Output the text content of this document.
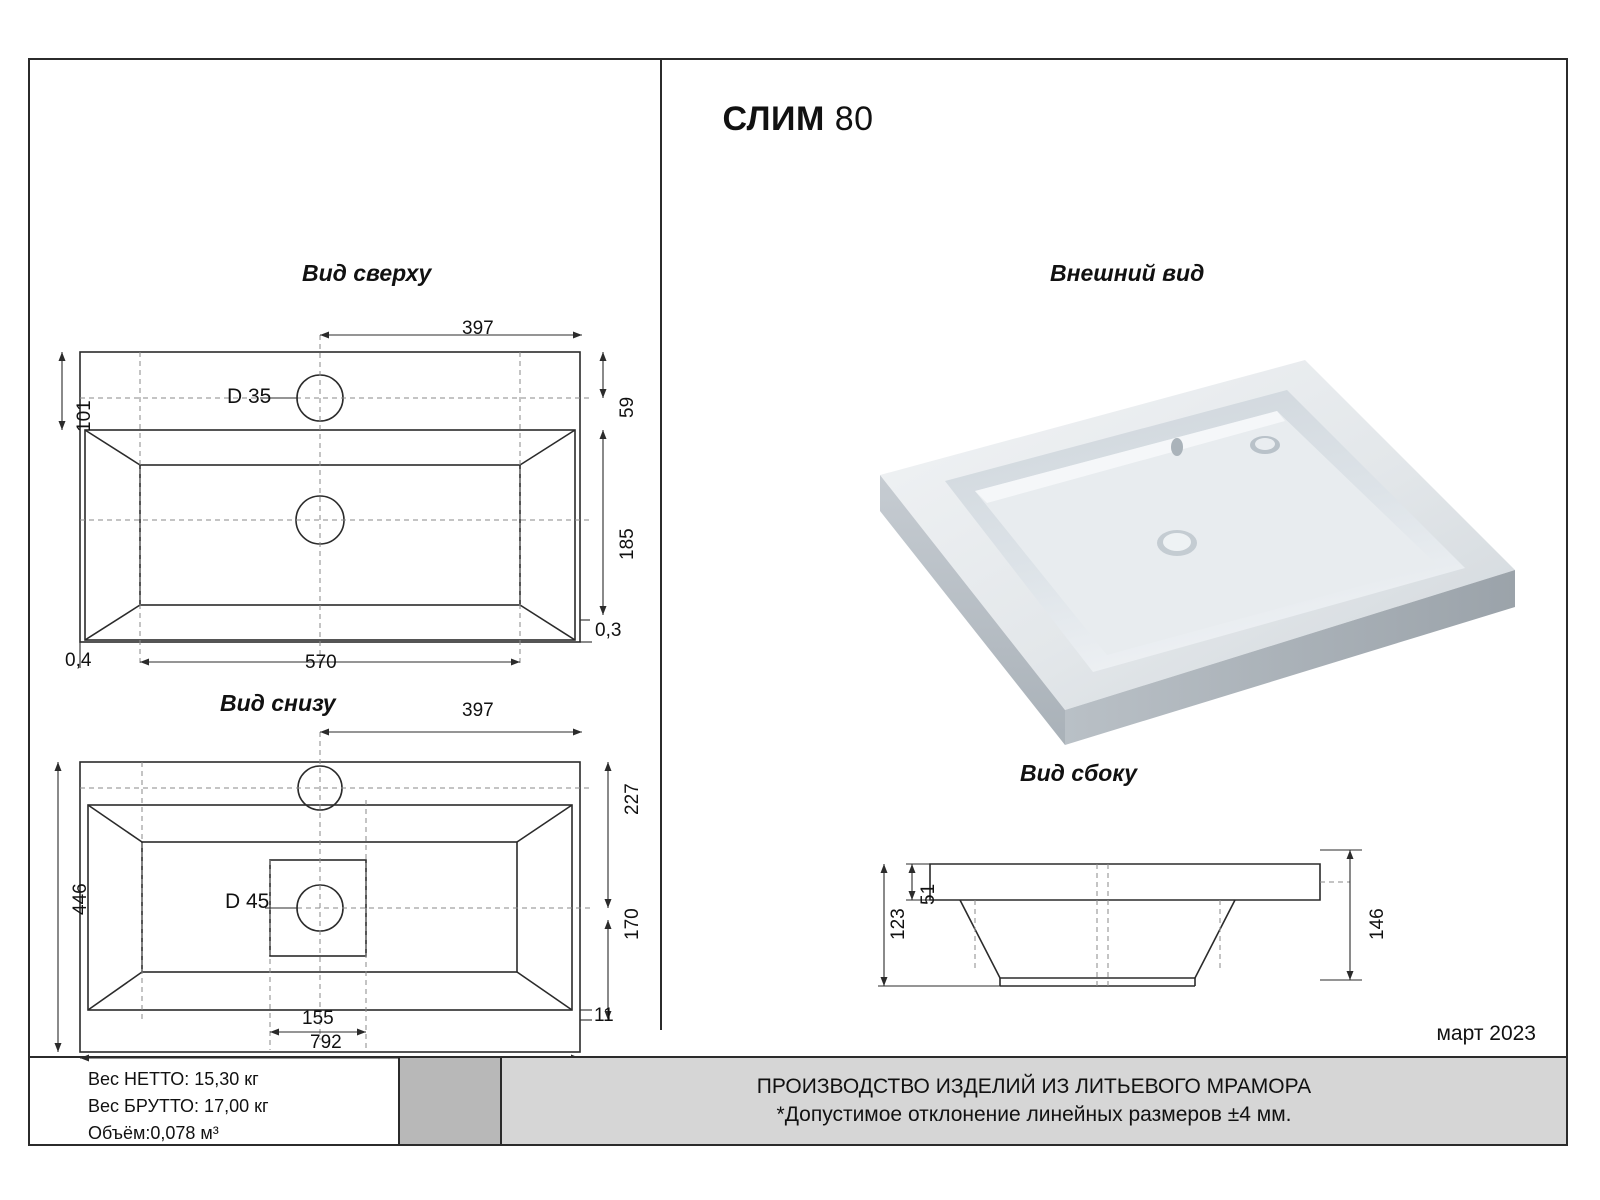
СЛИМ 80
Вид сверху
397
101	59
185
0,3
0,4	570
D 35
Вид снизу	397
446
227
170
11
155
792
D 45
Внешний вид
Вид сбоку
51
123	146
март 2023
Вес НЕТТО: 15,30 кг
Вес БРУТТО: 17,00 кг
Объём:0,078 м³
ПРОИЗВОДСТВО ИЗДЕЛИЙ ИЗ ЛИТЬЕВОГО МРАМОРА
*Допустимое отклонение линейных размеров ±4 мм.
